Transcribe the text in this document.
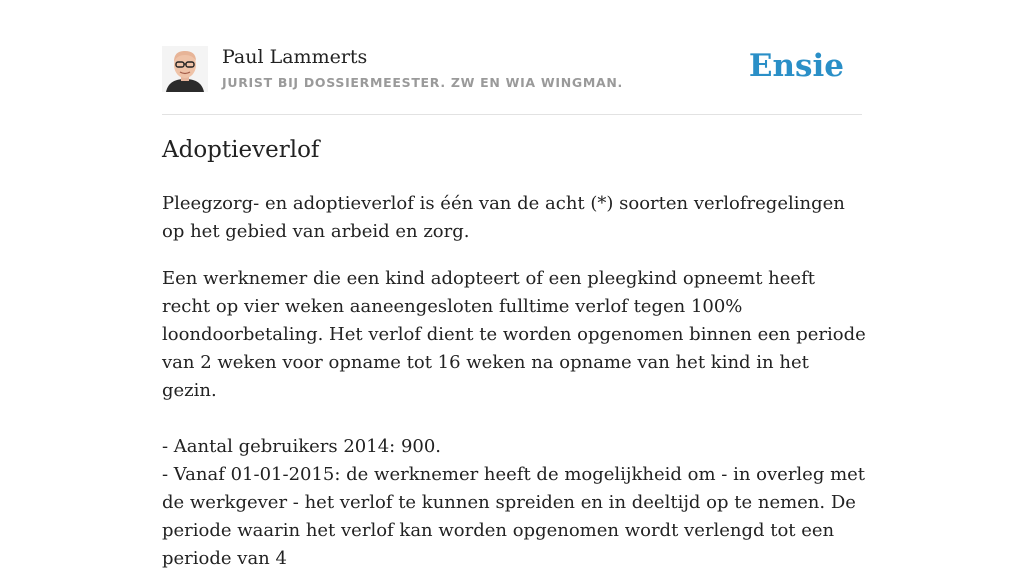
Paul Lammerts
JURIST BIJ DOSSIERMEESTER. ZW EN WIA WINGMAN.	Ensie
Adoptieverlof

Pleegzorg- en adoptieverlof is één van de acht (*) soorten verlofregelingen op het gebied van arbeid en zorg.

Een werknemer die een kind adopteert of een pleegkind opneemt heeft recht op vier weken aaneengesloten fulltime verlof tegen 100% loondoorbetaling. Het verlof dient te worden opgenomen binnen een periode van 2 weken voor opname tot 16 weken na opname van het kind in het gezin.

- Aantal gebruikers 2014: 900.
- Vanaf 01-01-2015: de werknemer heeft de mogelijkheid om - in overleg met de werkgever - het verlof te kunnen spreiden en in deeltijd op te nemen. De periode waarin het verlof kan worden opgenomen wordt verlengd tot een periode van 4
